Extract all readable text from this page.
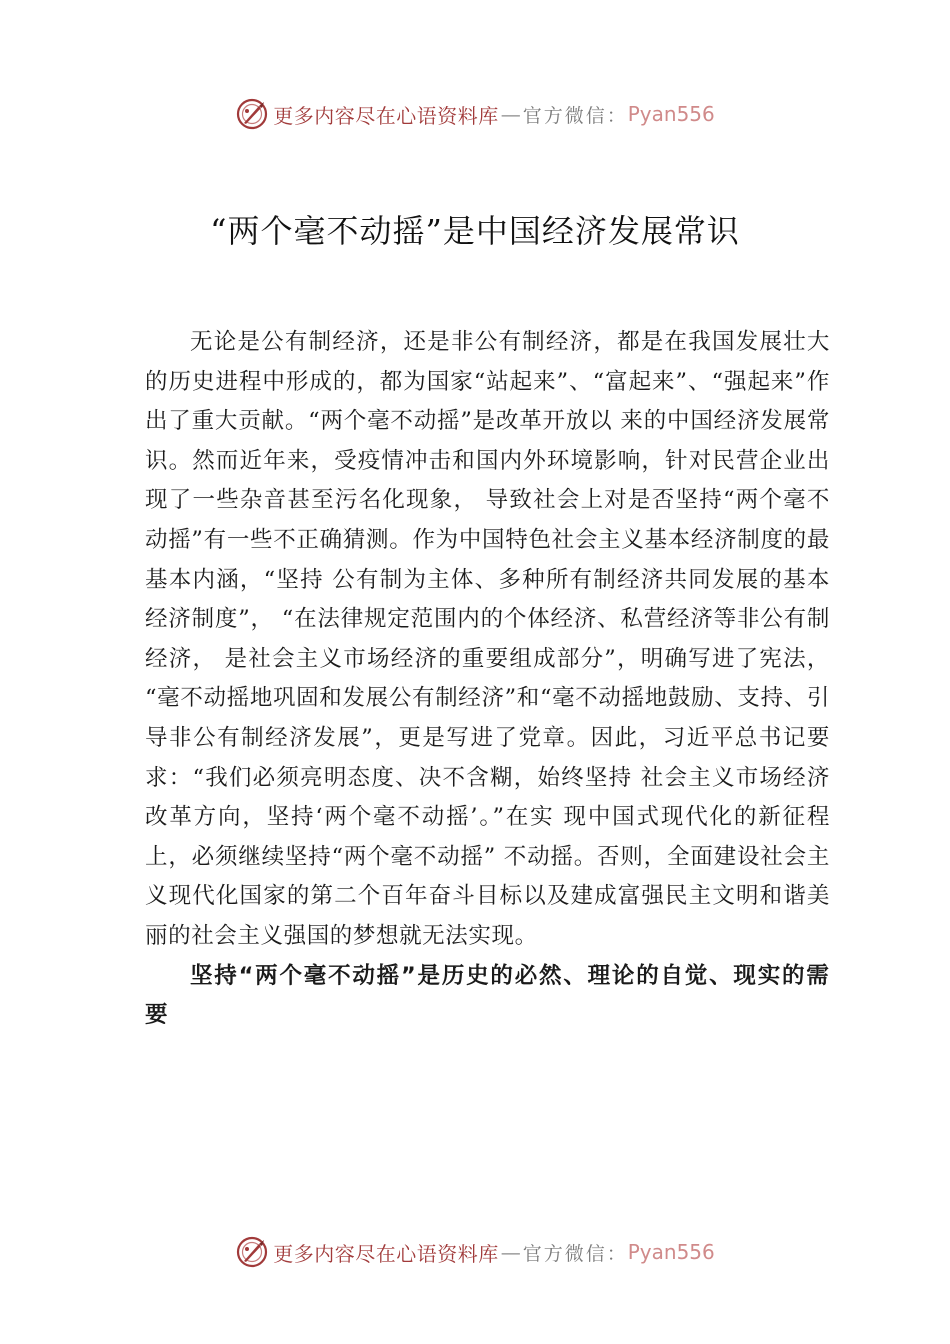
更多内容尽在心语资料库 — 官方微信： Pyan556
“两个毫不动摇”是中国经济发展常识

无论是公有制经济，还是非公有制经济，都是在我国发展壮大的历史进程中形成的，都为国家“站起来”、“富起来”、“强起来”作出了重大贡献。“两个毫不动摇”是改革开放以 来的中国经济发展常识。然而近年来，受疫情冲击和国内外环境影响，针对民营企业出现了一些杂音甚至污名化现象， 导致社会上对是否坚持“两个毫不动摇”有一些不正确猜测。作为中国特色社会主义基本经济制度的最基本内涵，“坚持 公有制为主体、多种所有制经济共同发展的基本经济制度”， “在法律规定范围内的个体经济、私营经济等非公有制经济， 是社会主义市场经济的重要组成部分”，明确写进了宪法， “毫不动摇地巩固和发展公有制经济”和“毫不动摇地鼓励、支持、引导非公有制经济发展”，更是写进了党章。因此，习近平总书记要求：“我们必须亮明态度、决不含糊，始终坚持 社会主义市场经济改革方向，坚持‘两个毫不动摇’。”在实 现中国式现代化的新征程上，必须继续坚持“两个毫不动摇” 不动摇。否则，全面建设社会主义现代化国家的第二个百年奋斗目标以及建成富强民主文明和谐美丽的社会主义强国的梦想就无法实现。

坚持“两个毫不动摇”是历史的必然、理论的自觉、现实的需要

更多内容尽在心语资料库 — 官方微信： Pyan556
